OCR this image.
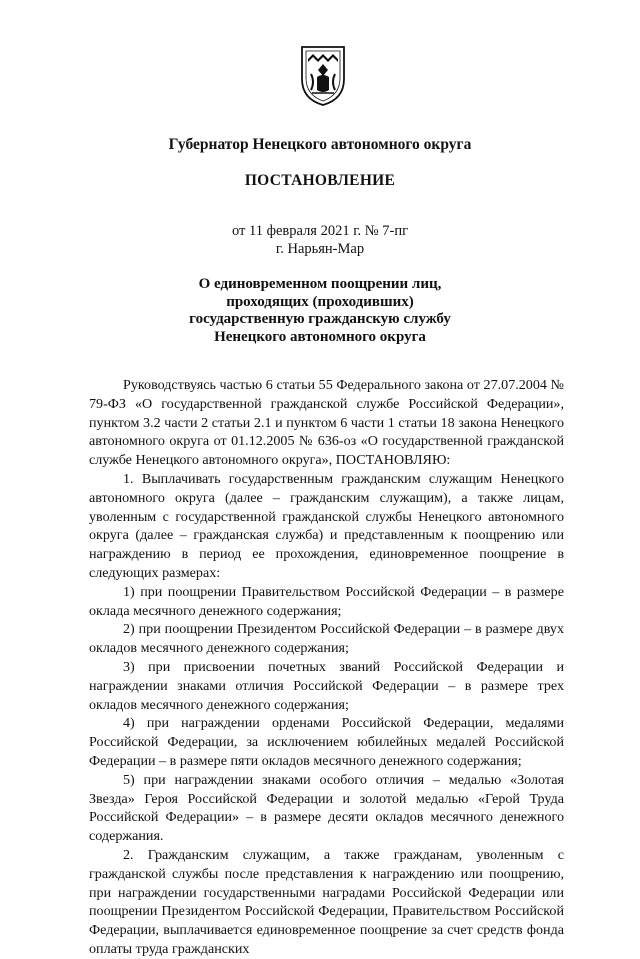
Губернатор Ненецкого автономного округа
ПОСТАНОВЛЕНИЕ
от 11 февраля 2021 г. № 7-пг
г. Нарьян-Мар
О единовременном поощрении лиц,
проходящих (проходивших)
государственную гражданскую службу
Ненецкого автономного округа

Руководствуясь частью 6 статьи 55 Федерального закона от 27.07.2004 № 79-ФЗ «О государственной гражданской службе Российской Федерации», пунктом 3.2 части 2 статьи 2.1 и пунктом 6 части 1 статьи 18 закона Ненецкого автономного округа от 01.12.2005 № 636-оз «О государственной гражданской службе Ненецкого автономного округа», ПОСТАНОВЛЯЮ:

1. Выплачивать государственным гражданским служащим Ненецкого автономного округа (далее – гражданским служащим), а также лицам, уволенным с государственной гражданской службы Ненецкого автономного округа (далее – гражданская служба) и представленным к поощрению или награждению в период ее прохождения, единовременное поощрение в следующих размерах:

1) при поощрении Правительством Российской Федерации – в размере оклада месячного денежного содержания;

2) при поощрении Президентом Российской Федерации – в размере двух окладов месячного денежного содержания;

3) при присвоении почетных званий Российской Федерации и награждении знаками отличия Российской Федерации – в размере трех окладов месячного денежного содержания;

4) при награждении орденами Российской Федерации, медалями Российской Федерации, за исключением юбилейных медалей Российской Федерации – в размере пяти окладов месячного денежного содержания;

5) при награждении знаками особого отличия – медалью «Золотая Звезда» Героя Российской Федерации и золотой медалью «Герой Труда Российской Федерации» – в размере десяти окладов месячного денежного содержания.

2. Гражданским служащим, а также гражданам, уволенным с гражданской службы после представления к награждению или поощрению, при награждении государственными наградами Российской Федерации или поощрении Президентом Российской Федерации, Правительством Российской Федерации, выплачивается единовременное поощрение за счет средств фонда оплаты труда гражданских
